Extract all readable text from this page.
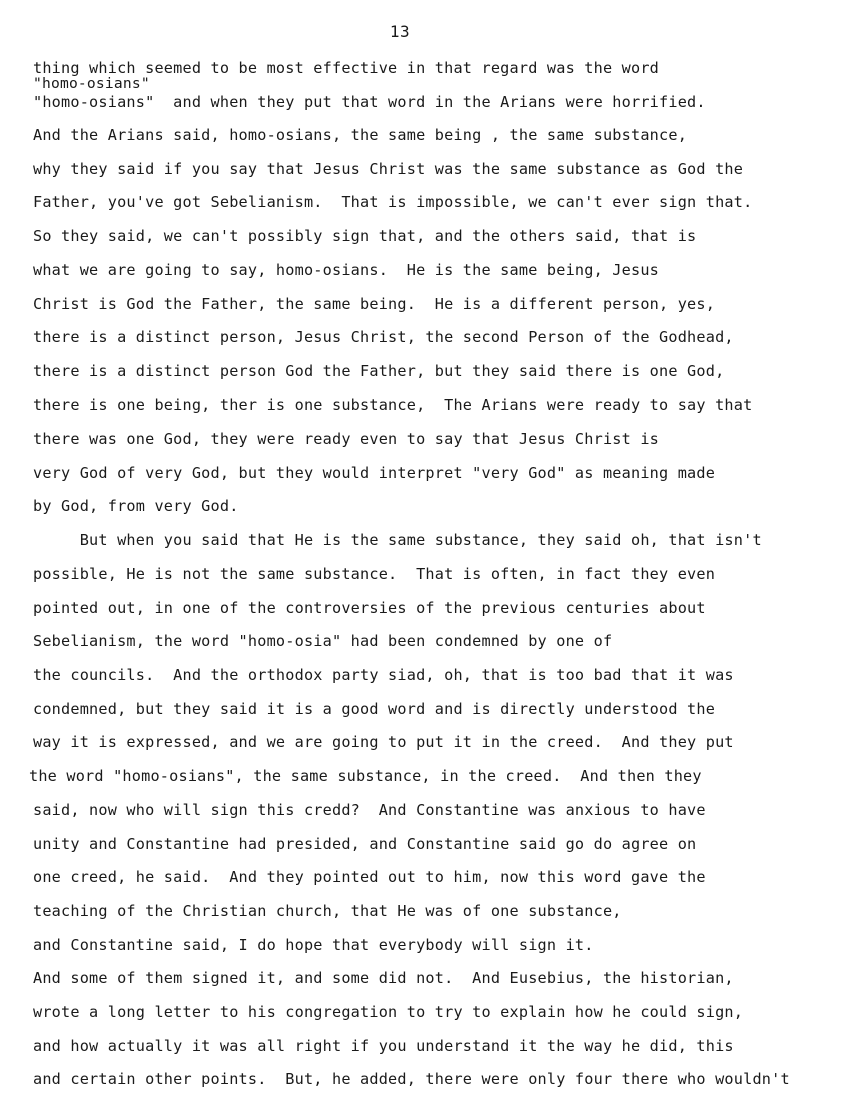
13
thing which seemed to be most effective in that regard was the word
"homo-osians"
"homo-osians"  and when they put that word in the Arians were horrified.
And the Arians said, homo-osians, the same being , the same substance,
why they said if you say that Jesus Christ was the same substance as God the
Father, you've got Sebelianism.  That is impossible, we can't ever sign that.
So they said, we can't possibly sign that, and the others said, that is
what we are going to say, homo-osians.  He is the same being, Jesus
Christ is God the Father, the same being.  He is a different person, yes,
there is a distinct person, Jesus Christ, the second Person of the Godhead,
there is a distinct person God the Father, but they said there is one God,
there is one being, ther is one substance,  The Arians were ready to say that
there was one God, they were ready even to say that Jesus Christ is
very God of very God, but they would interpret "very God" as meaning made
by God, from very God.
But when you said that He is the same substance, they said oh, that isn't
possible, He is not the same substance.  That is often, in fact they even
pointed out, in one of the controversies of the previous centuries about
Sebelianism, the word "homo-osia" had been condemned by one of
the councils.  And the orthodox party siad, oh, that is too bad that it was
condemned, but they said it is a good word and is directly understood the
way it is expressed, and we are going to put it in the creed.  And they put
the word "homo-osians", the same substance, in the creed.  And then they
said, now who will sign this credd?  And Constantine was anxious to have
unity and Constantine had presided, and Constantine said go do agree on
one creed, he said.  And they pointed out to him, now this word gave the
teaching of the Christian church, that He was of one substance,
and Constantine said, I do hope that everybody will sign it.
And some of them signed it, and some did not.  And Eusebius, the historian,
wrote a long letter to his congregation to try to explain how he could sign,
and how actually it was all right if you understand it the way he did, this
and certain other points.  But, he added, there were only four there who wouldn't
